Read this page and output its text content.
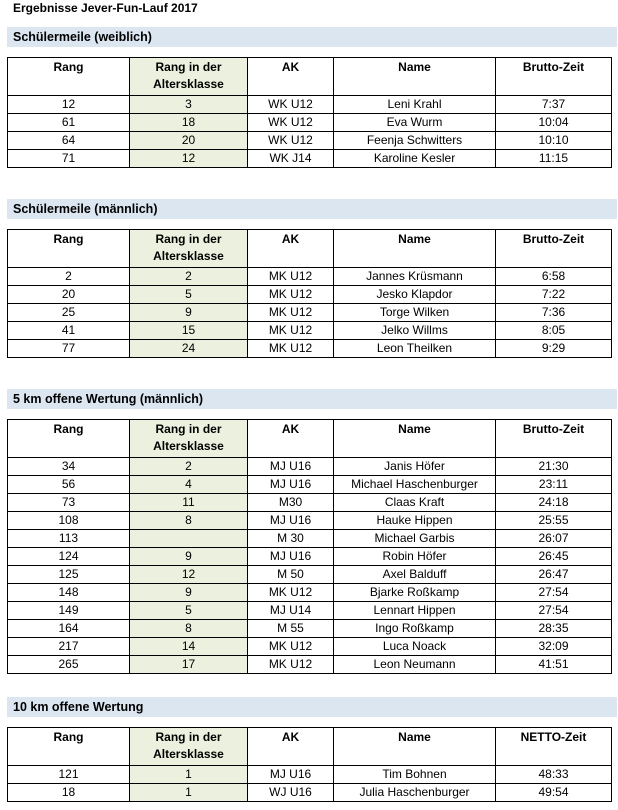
Ergebnisse Jever-Fun-Lauf 2017
Schülermeile (weiblich)
Rang	Rang in der Altersklasse	AK	Name	Brutto-Zeit
12	3	WK U12	Leni Krahl	7:37
61	18	WK U12	Eva Wurm	10:04
64	20	WK U12	Feenja Schwitters	10:10
71	12	WK J14	Karoline Kesler	11:15
Schülermeile (männlich)
Rang	Rang in der Altersklasse	AK	Name	Brutto-Zeit
2	2	MK U12	Jannes Krüsmann	6:58
20	5	MK U12	Jesko Klapdor	7:22
25	9	MK U12	Torge Wilken	7:36
41	15	MK U12	Jelko Willms	8:05
77	24	MK U12	Leon Theilken	9:29
5 km offene Wertung (männlich)
Rang	Rang in der Altersklasse	AK	Name	Brutto-Zeit
34	2	MJ U16	Janis Höfer	21:30
56	4	MJ U16	Michael Haschenburger	23:11
73	11	M30	Claas Kraft	24:18
108	8	MJ U16	Hauke Hippen	25:55
113		M 30	Michael Garbis	26:07
124	9	MJ U16	Robin Höfer	26:45
125	12	M 50	Axel Balduff	26:47
148	9	MK U12	Bjarke Roßkamp	27:54
149	5	MJ U14	Lennart Hippen	27:54
164	8	M 55	Ingo Roßkamp	28:35
217	14	MK U12	Luca Noack	32:09
265	17	MK U12	Leon Neumann	41:51
10 km offene Wertung
Rang	Rang in der Altersklasse	AK	Name	NETTO-Zeit
121	1	MJ U16	Tim Bohnen	48:33
18	1	WJ U16	Julia Haschenburger	49:54
